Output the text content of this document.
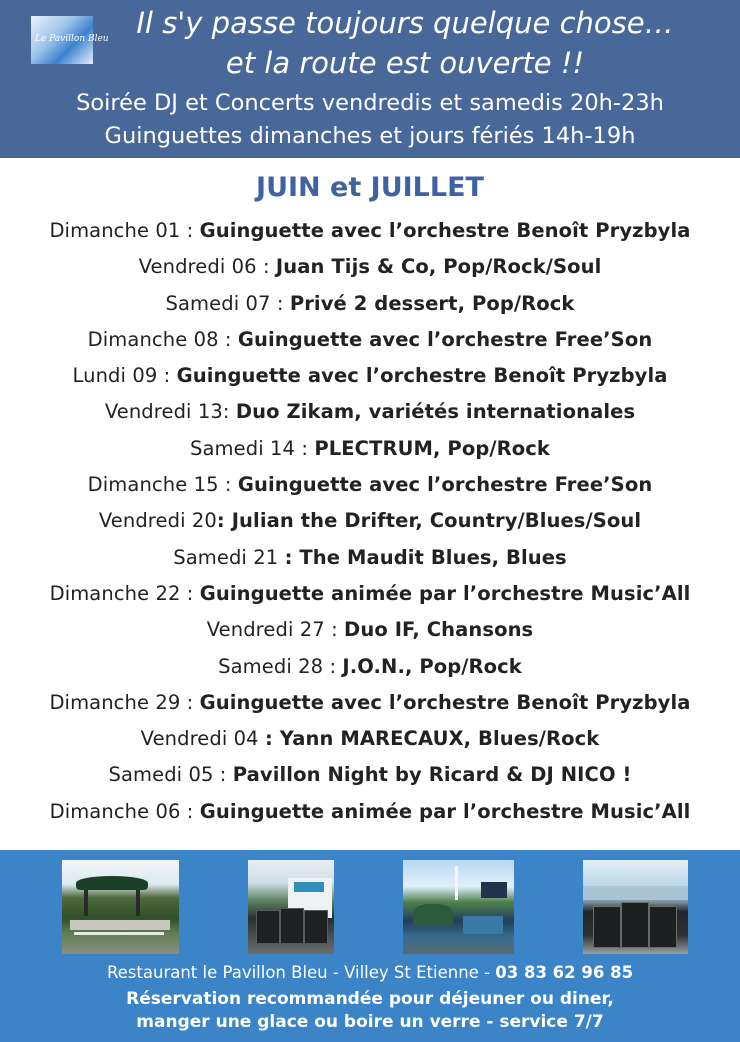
Le Pavillon Bleu Il s'y passe toujours quelque chose…
et la route est ouverte !!
Soirée DJ et Concerts vendredis et samedis 20h-23h
Guinguettes dimanches et jours fériés 14h-19h
JUIN et JUILLET
Dimanche 01 : Guinguette avec l’orchestre Benoît Pryzbyla
Vendredi 06 : Juan Tijs & Co, Pop/Rock/Soul
Samedi 07 : Privé 2 dessert, Pop/Rock
Dimanche 08 : Guinguette avec l’orchestre Free’Son
Lundi 09 : Guinguette avec l’orchestre Benoît Pryzbyla
Vendredi 13: Duo Zikam, variétés internationales
Samedi 14 : PLECTRUM, Pop/Rock
Dimanche 15 : Guinguette avec l’orchestre Free’Son
Vendredi 20: Julian the Drifter, Country/Blues/Soul
Samedi 21 : The Maudit Blues, Blues
Dimanche 22 : Guinguette animée par l’orchestre Music’All
Vendredi 27 : Duo IF, Chansons
Samedi 28 : J.O.N., Pop/Rock
Dimanche 29 : Guinguette avec l’orchestre Benoît Pryzbyla
Vendredi 04 : Yann MARECAUX, Blues/Rock
Samedi 05 : Pavillon Night by Ricard & DJ NICO !
Dimanche 06 : Guinguette animée par l’orchestre Music’All
Restaurant le Pavillon Bleu - Villey St Etienne - 03 83 62 96 85
Réservation recommandée pour déjeuner ou diner,
manger une glace ou boire un verre - service 7/7
